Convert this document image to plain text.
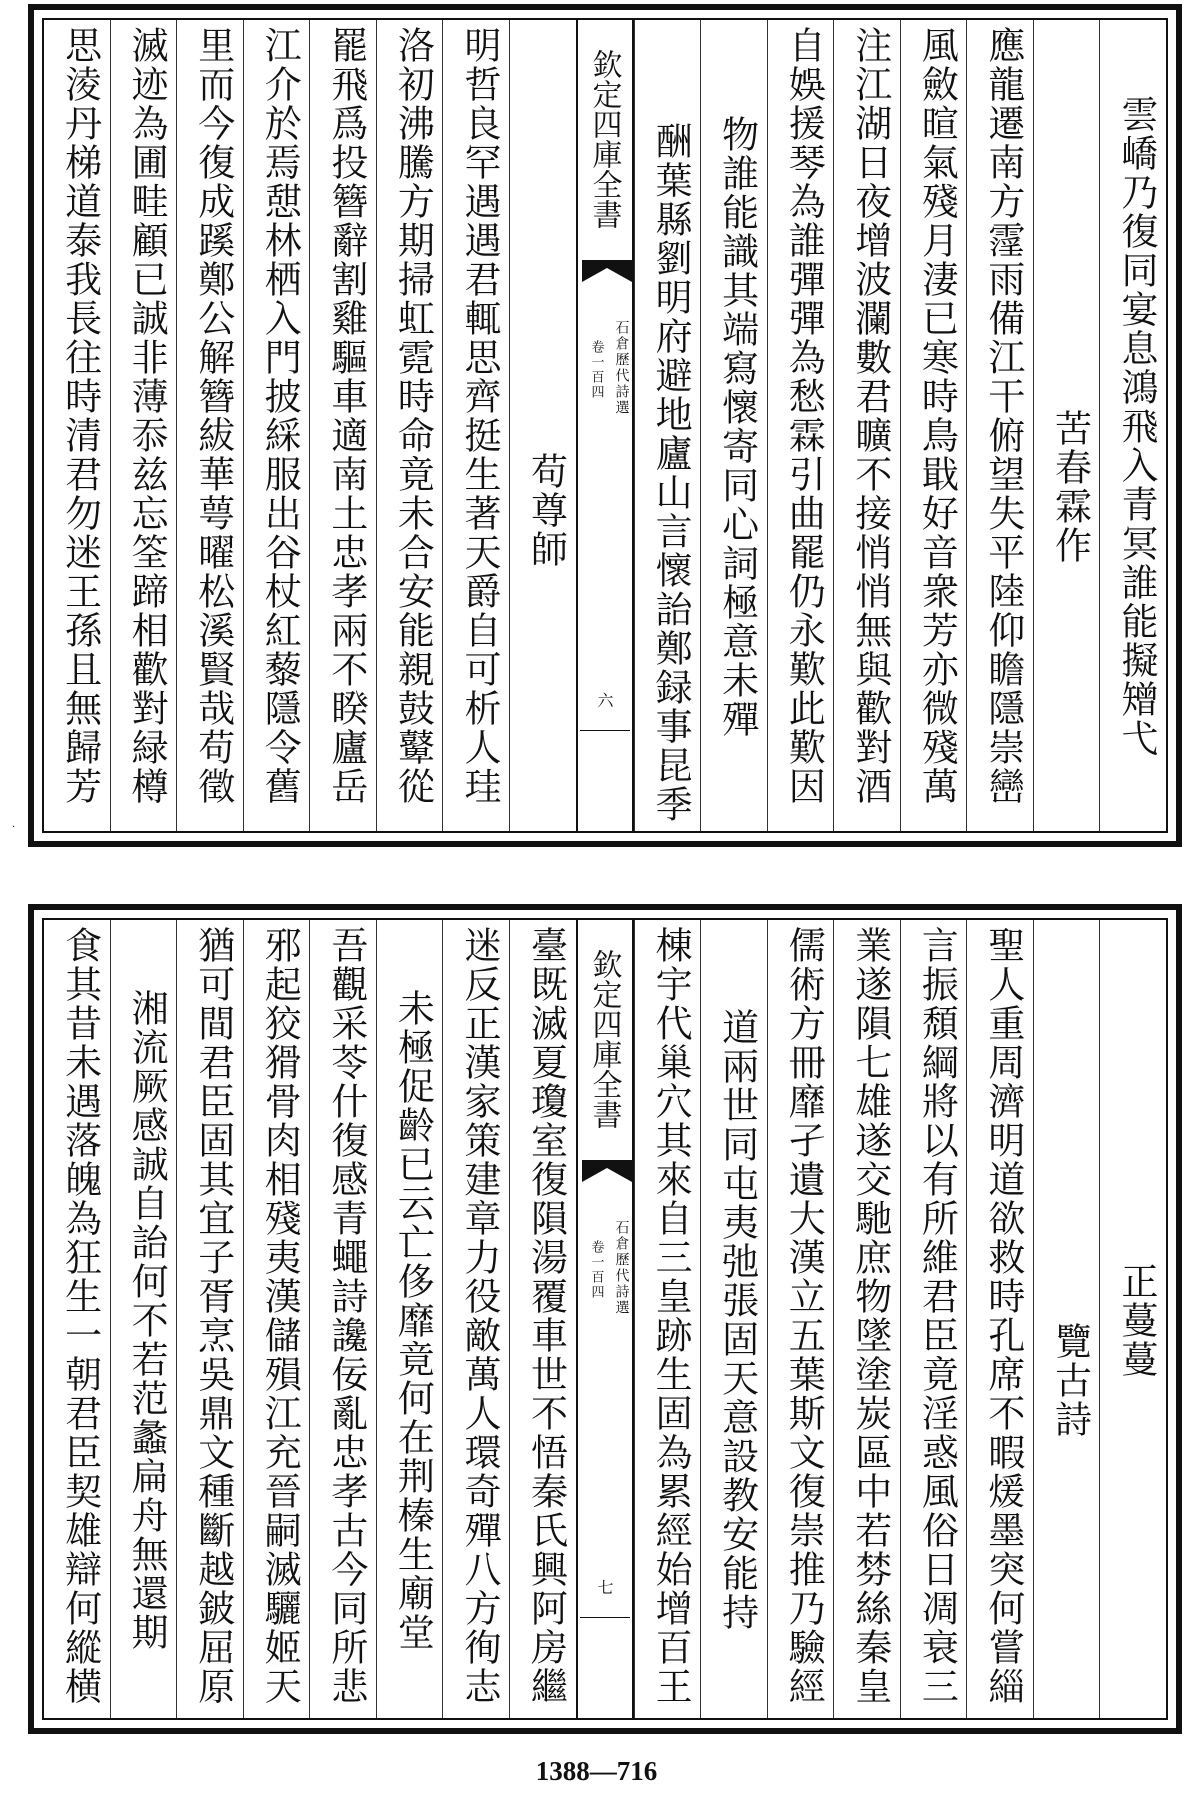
雲嶠乃復同宴息鴻飛入青冥誰能擬矰弋
苦春霖作
應龍遷南方霪雨備江干俯望失平陸仰瞻隱崇巒
風斂暄氣殘月淒已寒時鳥戢好音衆芳亦微殘萬
注江湖日夜增波瀾數君曠不接悄悄無與歡對酒
自娛援琴為誰彈彈為愁霖引曲罷仍永歎此歎因
物誰能識其端寫懷寄同心詞極意未殫
酬葉縣劉明府避地廬山言懷詒鄭録事昆季
欽定四庫全書
石倉歷代詩選
卷一百四
六
苟尊師
明哲良罕遇遇君輒思齊挺生著天爵自可析人珪
洛初沸騰方期掃虹霓時命竟未合安能親鼓鼙從
罷飛爲投簪辭割雞驅車適南土忠孝兩不睽廬岳
江介於焉憇林栖入門披綵服出谷杖紅藜隱令舊
里而今復成蹊鄭公解簪紱華萼曜松溪賢哉苟徵
滅迹為圃畦顧已誠非薄忝兹忘筌蹄相歡對緑樽
思淩丹梯道泰我長往時清君勿迷王孫且無歸芳
·
正蔓蔓
覽古詩
聖人重周濟明道欲救時孔席不暇煖墨突何嘗緇
言振頹綱將以有所維君臣竟淫惑風俗日凋衰三
業遂隕七雄遂交馳庶物墜塗炭區中若棼絲秦皇
儒術方冊靡孑遺大漢立五葉斯文復崇推乃驗經
道兩世同屯夷弛張固天意設教安能持
棟宇代巢穴其來自三皇跡生固為累經始增百王
欽定四庫全書
石倉歷代詩選
卷一百四
七
臺既滅夏瓊室復隕湯覆車世不悟秦氏興阿房繼
迷反正漢家策建章力役敵萬人環奇殫八方徇志
未極促齡已云亡侈靡竟何在荆榛生廟堂
吾觀采苓什復感青蠅詩讒佞亂忠孝古今同所悲
邪起狡猾骨肉相殘夷漢儲殞江充晉嗣滅驪姬天
猶可間君臣固其宜子胥烹吳鼎文種斷越鈹屈原
湘流厥感誠自詒何不若范蠡扁舟無還期
食其昔未遇落魄為狂生一朝君臣契雄辯何縱横
1388—716
